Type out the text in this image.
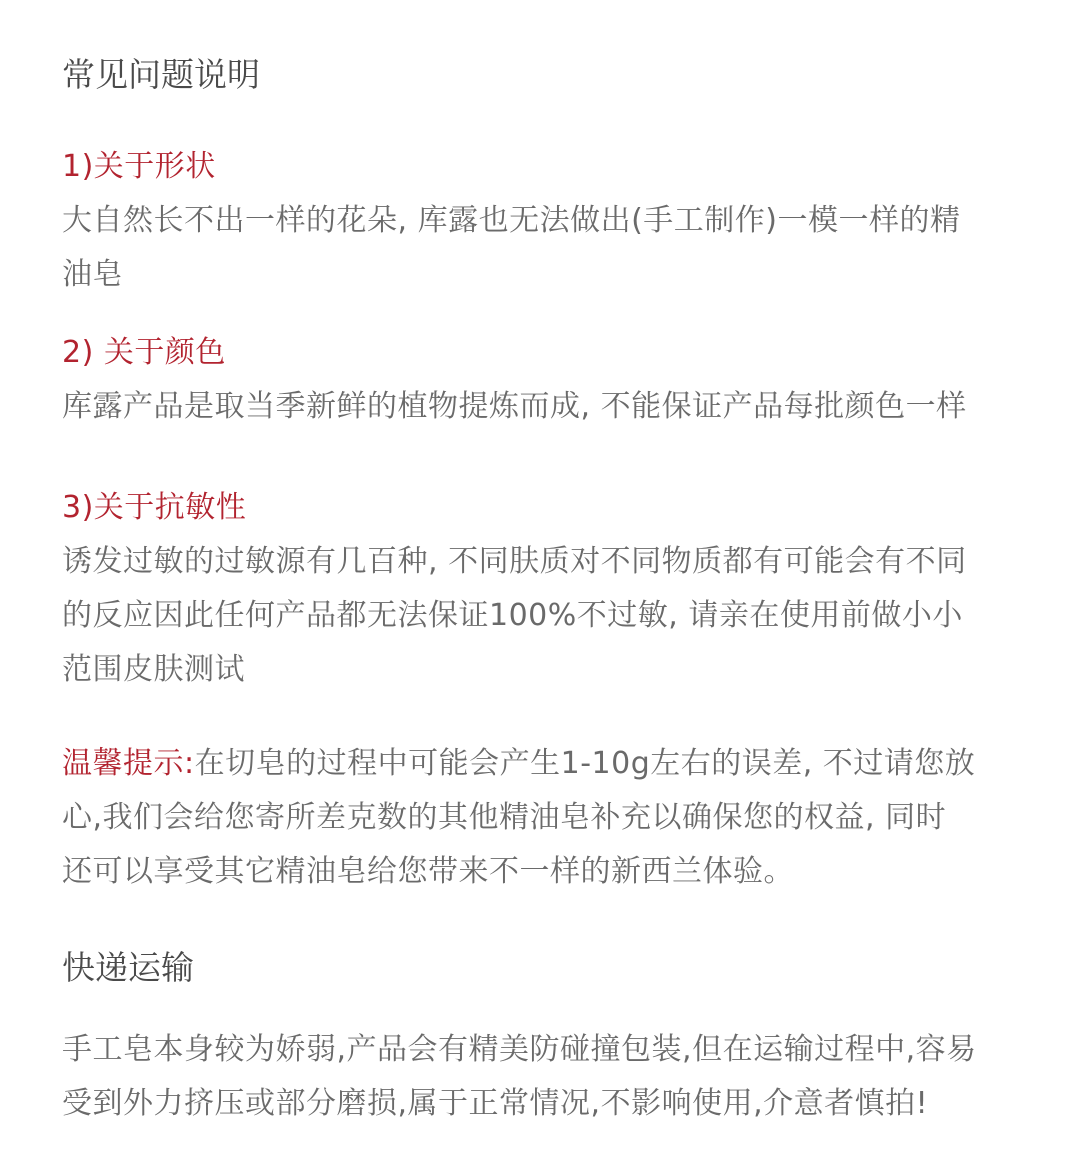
常见问题说明
1)关于形状
大自然长不出一样的花朵, 库露也无法做出(手工制作)一模一样的精
油皂
2) 关于颜色
库露产品是取当季新鲜的植物提炼而成, 不能保证产品每批颜色一样
3)关于抗敏性
诱发过敏的过敏源有几百种, 不同肤质对不同物质都有可能会有不同
的反应因此任何产品都无法保证100%不过敏, 请亲在使用前做小小
范围皮肤测试
温馨提示:在切皂的过程中可能会产生1-10g左右的误差, 不过请您放
心,我们会给您寄所差克数的其他精油皂补充以确保您的权益, 同时
还可以享受其它精油皂给您带来不一样的新西兰体验。
快递运输
手工皂本身较为娇弱,产品会有精美防碰撞包装,但在运输过程中,容易
受到外力挤压或部分磨损,属于正常情况,不影响使用,介意者慎拍!
